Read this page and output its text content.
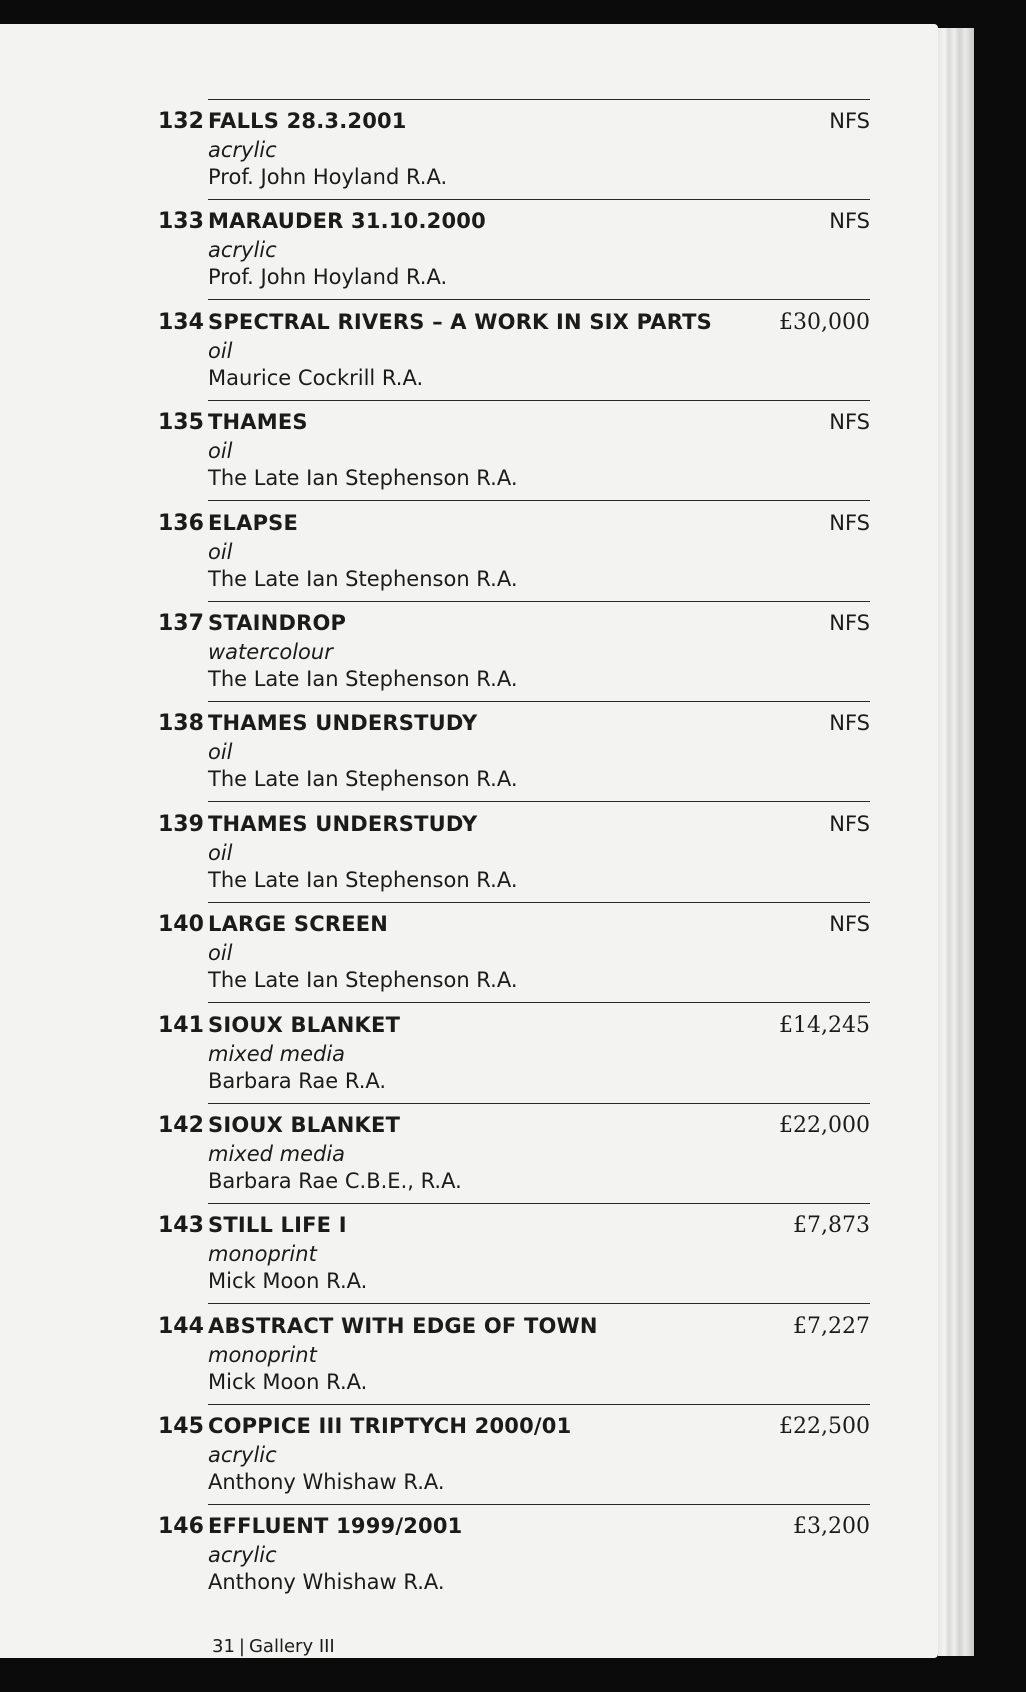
132 FALLS 28.3.2001
acrylic
Prof. John Hoyland R.A.
NFS
133 MARAUDER 31.10.2000
acrylic
Prof. John Hoyland R.A.
NFS
134 SPECTRAL RIVERS – A WORK IN SIX PARTS
oil
Maurice Cockrill R.A.
£30,000
135 THAMES
oil
The Late Ian Stephenson R.A.
NFS
136 ELAPSE
oil
The Late Ian Stephenson R.A.
NFS
137 STAINDROP
watercolour
The Late Ian Stephenson R.A.
NFS
138 THAMES UNDERSTUDY
oil
The Late Ian Stephenson R.A.
NFS
139 THAMES UNDERSTUDY
oil
The Late Ian Stephenson R.A.
NFS
140 LARGE SCREEN
oil
The Late Ian Stephenson R.A.
NFS
141 SIOUX BLANKET
mixed media
Barbara Rae R.A.
£14,245
142 SIOUX BLANKET
mixed media
Barbara Rae C.B.E., R.A.
£22,000
143 STILL LIFE I
monoprint
Mick Moon R.A.
£7,873
144 ABSTRACT WITH EDGE OF TOWN
monoprint
Mick Moon R.A.
£7,227
145 COPPICE III TRIPTYCH 2000/01
acrylic
Anthony Whishaw R.A.
£22,500
146 EFFLUENT 1999/2001
acrylic
Anthony Whishaw R.A.
£3,200
31 | Gallery III
